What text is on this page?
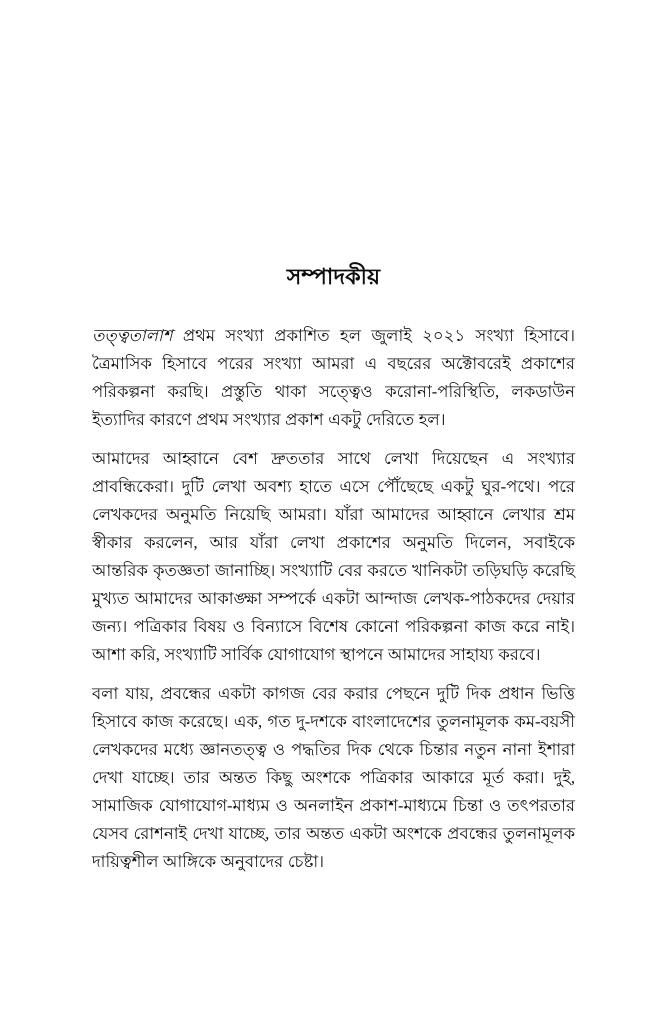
সম্পাদকীয়

তত্ত্বতালাশ প্রথম সংখ্যা প্রকাশিত হল জুলাই ২০২১ সংখ্যা হিসাবে। ত্রৈমাসিক হিসাবে পরের সংখ্যা আমরা এ বছরের অক্টোবরেই প্রকাশের পরিকল্পনা করছি। প্রস্তুতি থাকা সত্ত্বেও করোনা-পরিস্থিতি, লকডাউন ইত্যাদির কারণে প্রথম সংখ্যার প্রকাশ একটু দেরিতে হল।

আমাদের আহ্বানে বেশ দ্রুততার সাথে লেখা দিয়েছেন এ সংখ্যার প্রাবন্ধিকেরা। দুটি লেখা অবশ্য হাতে এসে পৌঁছেছে একটু ঘুর-পথে। পরে লেখকদের অনুমতি নিয়েছি আমরা। যাঁরা আমাদের আহ্বানে লেখার শ্রম স্বীকার করলেন, আর যাঁরা লেখা প্রকাশের অনুমতি দিলেন, সবাইকে আন্তরিক কৃতজ্ঞতা জানাচ্ছি। সংখ্যাটি বের করতে খানিকটা তড়িঘড়ি করেছি মুখ্যত আমাদের আকাঙ্ক্ষা সম্পর্কে একটা আন্দাজ লেখক-পাঠকদের দেয়ার জন্য। পত্রিকার বিষয় ও বিন্যাসে বিশেষ কোনো পরিকল্পনা কাজ করে নাই। আশা করি, সংখ্যাটি সার্বিক যোগাযোগ স্থাপনে আমাদের সাহায্য করবে।

বলা যায়, প্রবন্ধের একটা কাগজ বের করার পেছনে দুটি দিক প্রধান ভিত্তি হিসাবে কাজ করেছে। এক, গত দু-দশকে বাংলাদেশের তুলনামূলক কম-বয়সী লেখকদের মধ্যে জ্ঞানতত্ত্ব ও পদ্ধতির দিক থেকে চিন্তার নতুন নানা ইশারা দেখা যাচ্ছে। তার অন্তত কিছু অংশকে পত্রিকার আকারে মূর্ত করা। দুই, সামাজিক যোগাযোগ-মাধ্যম ও অনলাইন প্রকাশ-মাধ্যমে চিন্তা ও তৎপরতার যেসব রোশনাই দেখা যাচ্ছে, তার অন্তত একটা অংশকে প্রবন্ধের তুলনামূলক দায়িত্বশীল আঙ্গিকে অনুবাদের চেষ্টা।
